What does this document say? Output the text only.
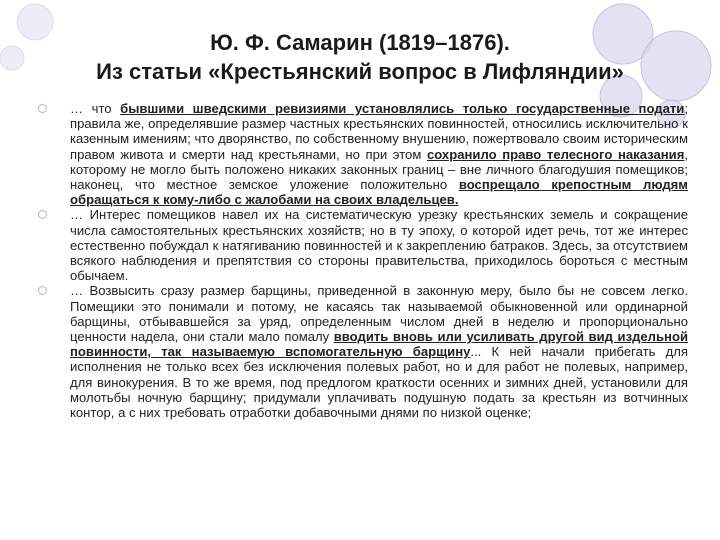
Ю. Ф. Самарин (1819–1876).
Из статьи «Крестьянский вопрос в Лифляндии»
… что бывшими шведскими ревизиями установлялись только государственные подати; правила же, определявшие размер частных крестьянских повинностей, относились исключительно к казенным имениям; что дворянство, по собственному внушению, пожертвовало своим историческим правом живота и смерти над крестьянами, но при этом сохранило право телесного наказания, которому не могло быть положено никаких законных границ – вне личного благодушия помещиков; наконец, что местное земское уложение положительно воспрещало крепостным людям обращаться к кому-либо с жалобами на своих владельцев.
… Интерес помещиков навел их на систематическую урезку крестьянских земель и сокращение числа самостоятельных крестьянских хозяйств; но в ту эпоху, о которой идет речь, тот же интерес естественно побуждал к натягиванию повинностей и к закреплению батраков. Здесь, за отсутствием всякого наблюдения и препятствия со стороны правительства, приходилось бороться с местным обычаем.
… Возвысить сразу размер барщины, приведенной в законную меру, было бы не совсем легко. Помещики это понимали и потому, не касаясь так называемой обыкновенной или ординарной барщины, отбывавшейся за уряд, определенным числом дней в неделю и пропорционально ценности надела, они стали мало помалу вводить вновь или усиливать другой вид издельной повинности, так называемую вспомогательную барщину... К ней начали прибегать для исполнения не только всех без исключения полевых работ, но и для работ не полевых, например, для винокурения. В то же время, под предлогом краткости осенних и зимних дней, установили для молотьбы ночную барщину; придумали уплачивать подушную подать за крестьян из вотчинных контор, а с них требовать отработки добавочными днями по низкой оценке;
